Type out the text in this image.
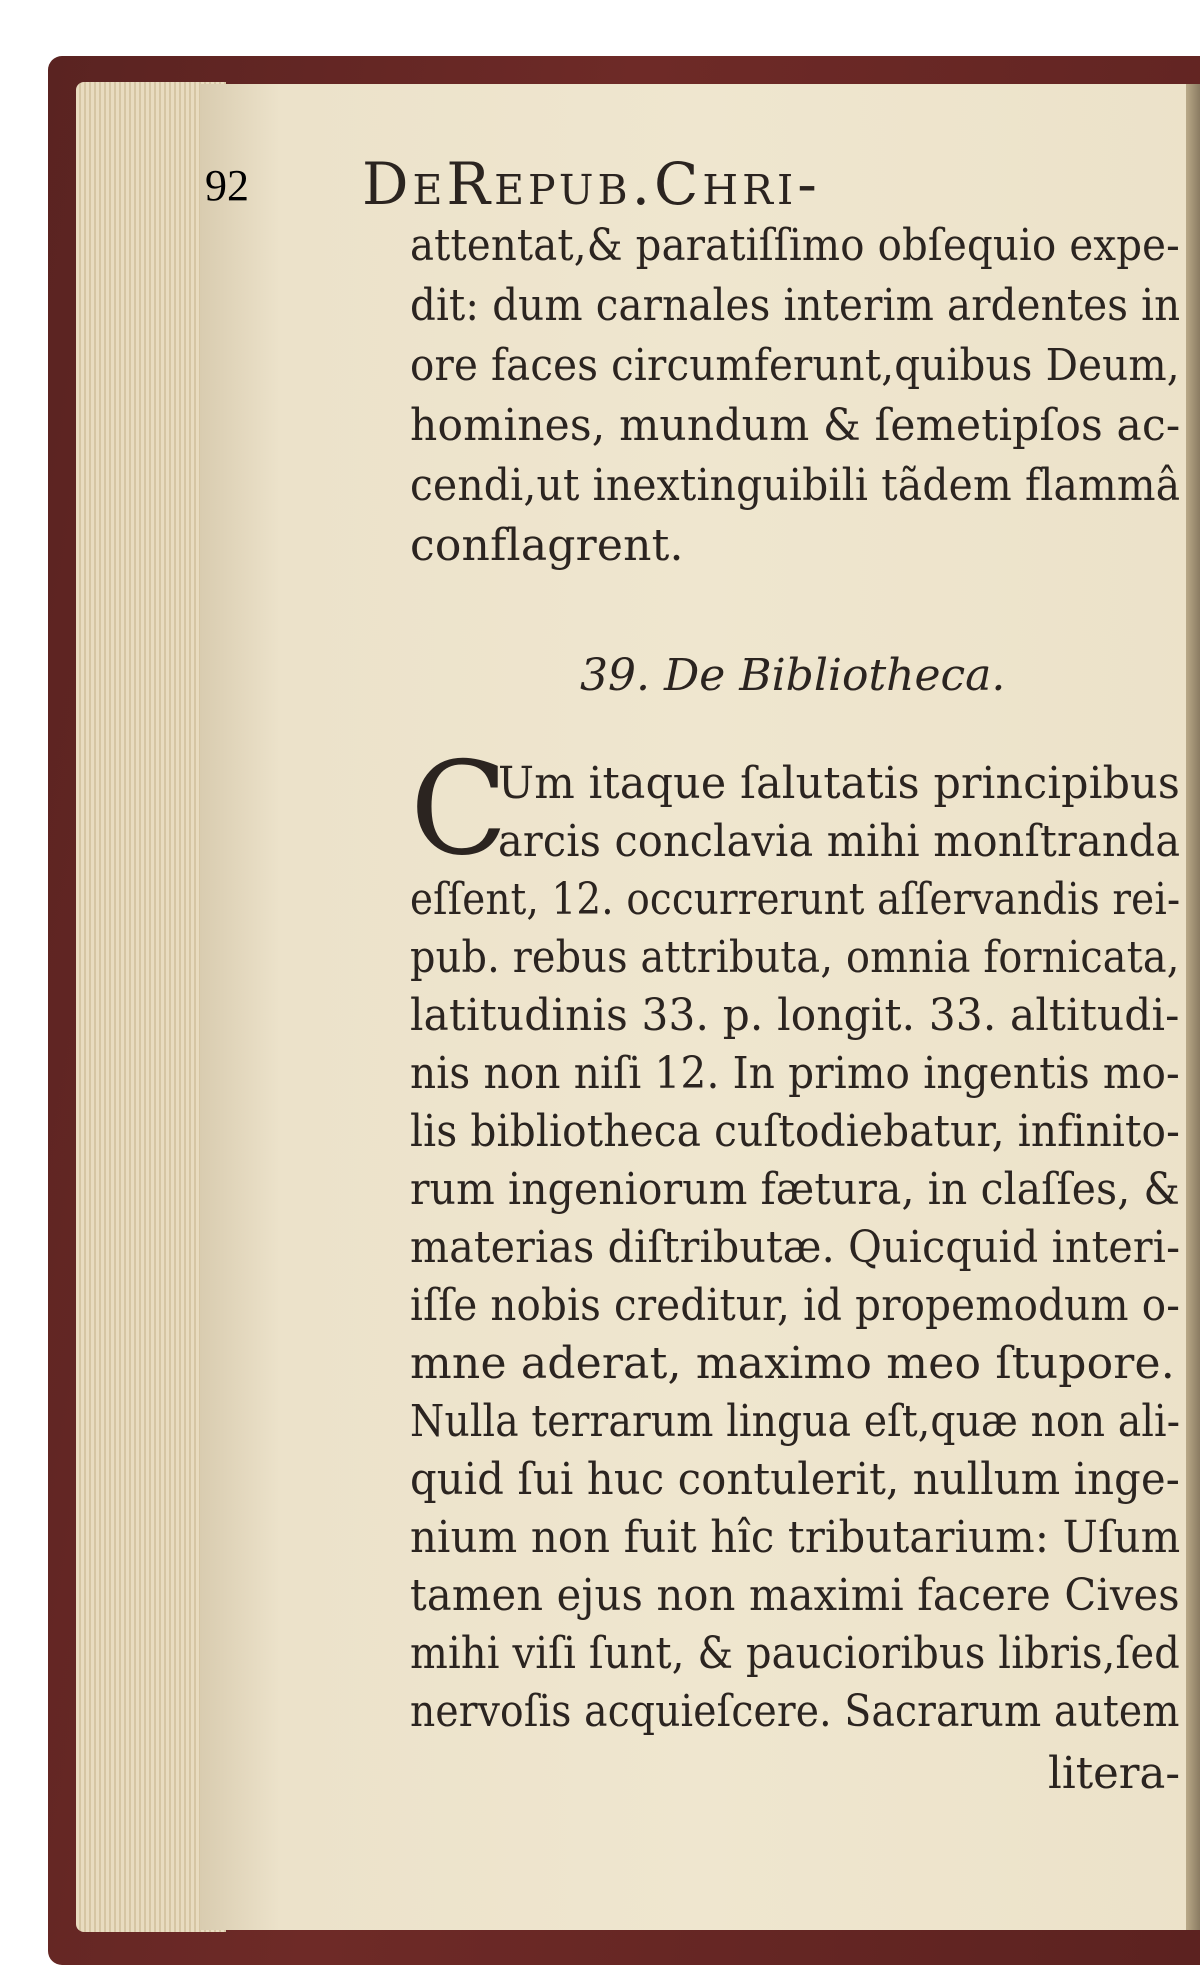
92 DeRepub.Chri-
attentat,& paratiſſimo obſequio expe-
dit: dum carnales interim ardentes in
ore faces circumferunt,quibus Deum,
homines, mundum & ſemetipſos ac-
cendi,ut inextinguibili tãdem flammâ
conflagrent.
39. De Bibliotheca.
C
Um itaque ſalutatis principibus
arcis conclavia mihi monſtranda
eſſent, 12. occurrerunt aſſervandis rei-
pub. rebus attributa, omnia fornicata,
latitudinis 33. p. longit. 33. altitudi-
nis non niſi 12. In primo ingentis mo-
lis bibliotheca cuſtodiebatur, infinito-
rum ingeniorum fætura, in claſſes, &
materias diſtributæ. Quicquid interi-
iſſe nobis creditur, id propemodum o-
mne aderat, maximo meo ſtupore.
Nulla terrarum lingua eſt,quæ non ali-
quid ſui huc contulerit, nullum inge-
nium non fuit hîc tributarium: Uſum
tamen ejus non maximi facere Cives
mihi viſi ſunt, & paucioribus libris,ſed
nervoſis acquieſcere. Sacrarum autem
litera-
